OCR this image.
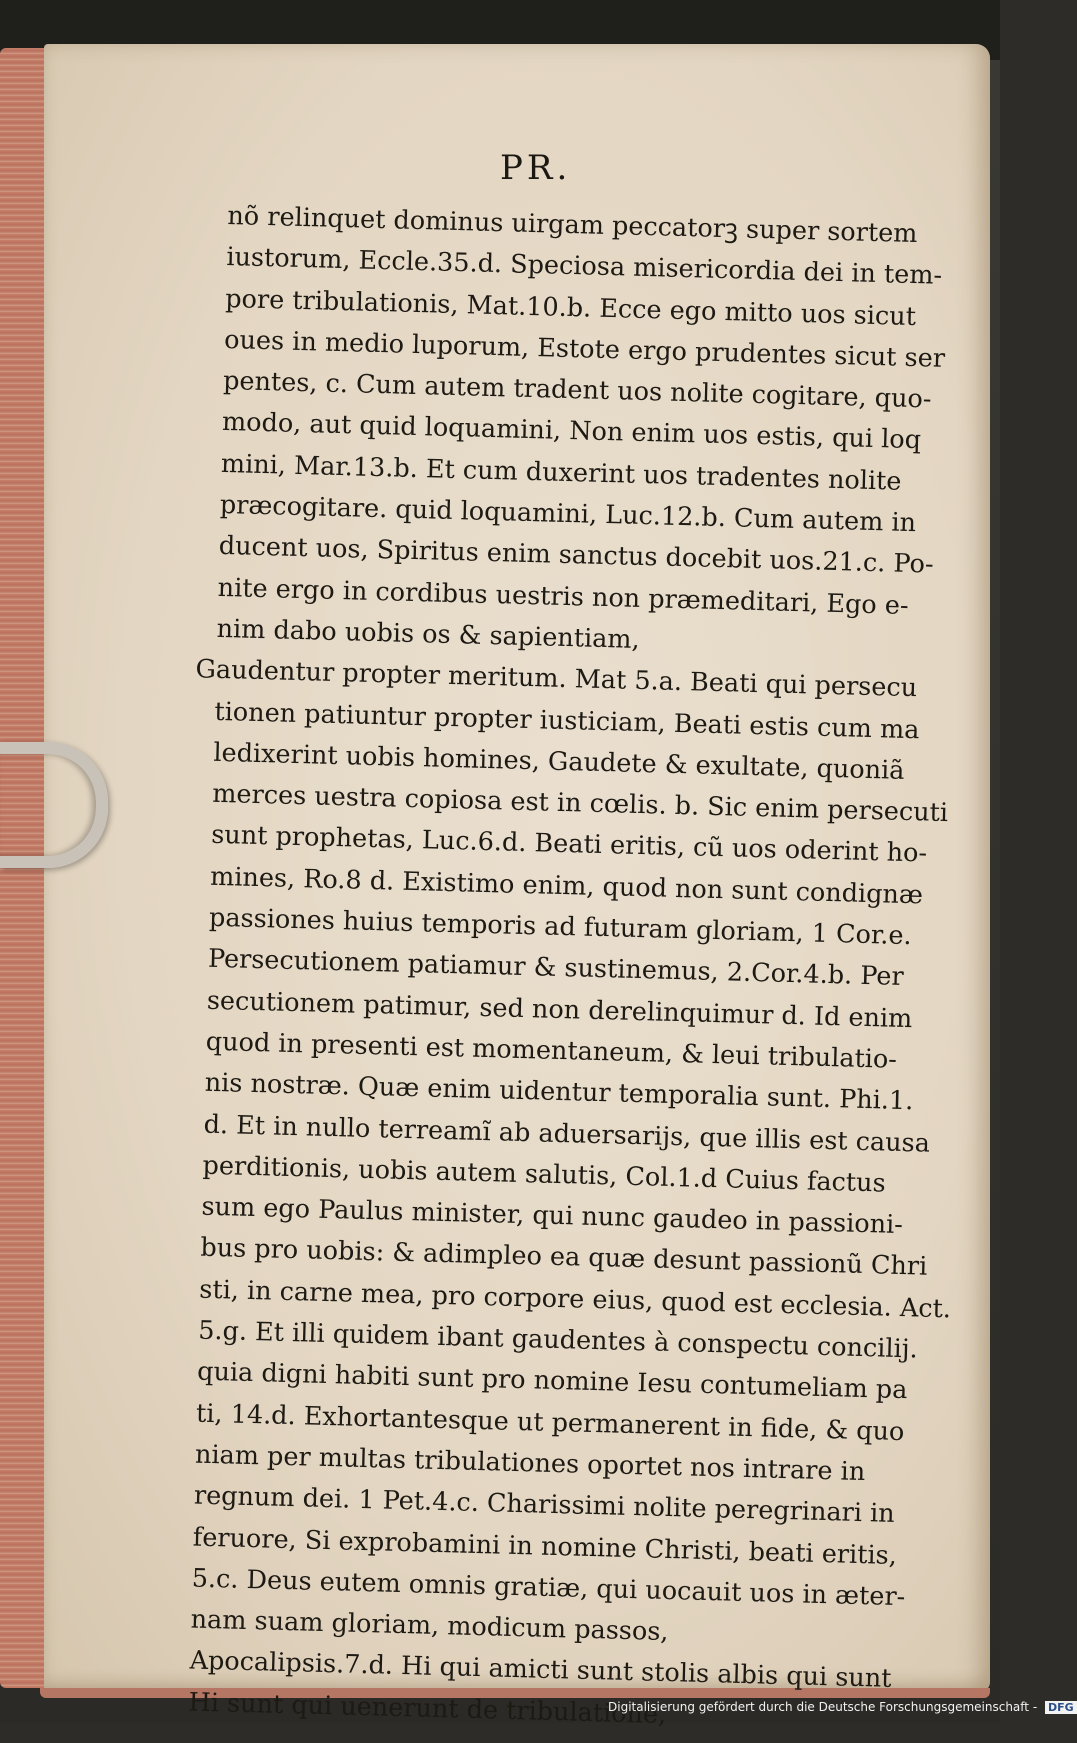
PR.
nõ relinquet dominus uirgam peccatorꝫ super sortem
iustorum, Eccle.35.d. Speciosa misericordia dei in tem-
pore tribulationis, Mat.10.b. Ecce ego mitto uos sicut
oues in medio luporum, Estote ergo prudentes sicut ser
pentes, c. Cum autem tradent uos nolite cogitare, quo-
modo, aut quid loquamini, Non enim uos estis, qui loq
mini, Mar.13.b. Et cum duxerint uos tradentes nolite
præcogitare. quid loquamini, Luc.12.b. Cum autem in
ducent uos, Spiritus enim sanctus docebit uos.21.c. Po-
nite ergo in cordibus uestris non præmeditari, Ego e-
nim dabo uobis os & sapientiam,
Gaudentur propter meritum. Mat 5.a. Beati qui persecu
tionen patiuntur propter iusticiam, Beati estis cum ma
ledixerint uobis homines, Gaudete & exultate, quoniã
merces uestra copiosa est in cœlis. b. Sic enim persecuti
sunt prophetas, Luc.6.d. Beati eritis, cũ uos oderint ho-
mines, Ro.8 d. Existimo enim, quod non sunt condignæ
passiones huius temporis ad futuram gloriam, 1 Cor.e.
Persecutionem patiamur & sustinemus, 2.Cor.4.b. Per
secutionem patimur, sed non derelinquimur d. Id enim
quod in presenti est momentaneum, & leui tribulatio-
nis nostræ. Quæ enim uidentur temporalia sunt. Phi.1.
d. Et in nullo terreamĩ ab aduersarijs, que illis est causa
perditionis, uobis autem salutis, Col.1.d Cuius factus
sum ego Paulus minister, qui nunc gaudeo in passioni-
bus pro uobis: & adimpleo ea quæ desunt passionũ Chri
sti, in carne mea, pro corpore eius, quod est ecclesia. Act.
5.g. Et illi quidem ibant gaudentes à conspectu concilij.
quia digni habiti sunt pro nomine Iesu contumeliam pa
ti, 14.d. Exhortantesque ut permanerent in fide, & quo
niam per multas tribulationes oportet nos intrare in
regnum dei. 1 Pet.4.c. Charissimi nolite peregrinari in
feruore, Si exprobamini in nomine Christi, beati eritis,
5.c. Deus eutem omnis gratiæ, qui uocauit uos in æter-
nam suam gloriam, modicum passos,
Apocalipsis.7.d. Hi qui amicti sunt stolis albis qui sunt
Hi sunt qui uenerunt de tribulatione,
Digitalisierung gefördert durch die Deutsche Forschungsgemeinschaft - DFG
